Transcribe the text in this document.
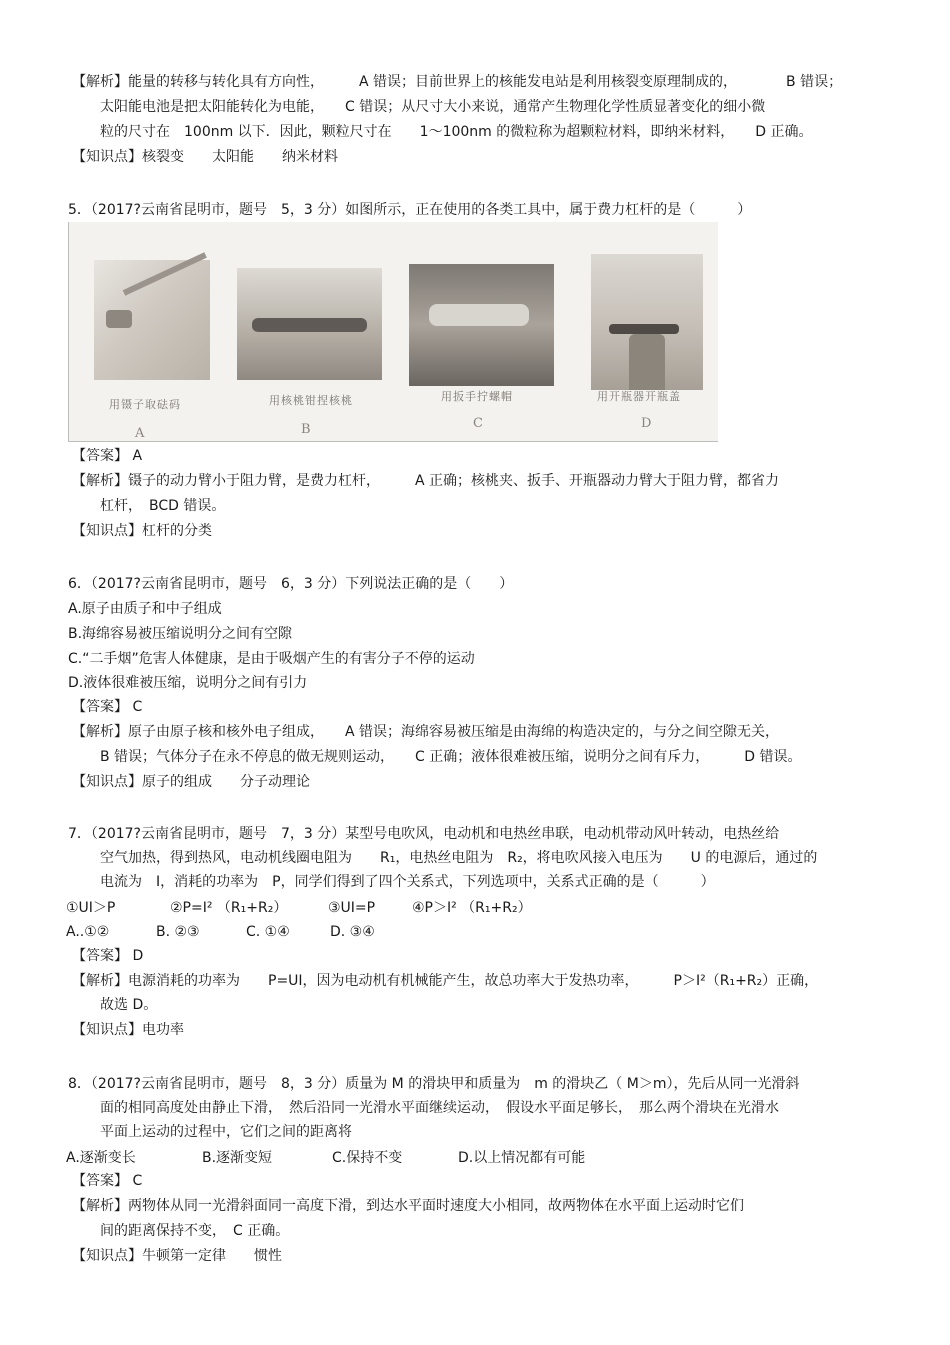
【解析】能量的转移与转化具有方向性，　　　A 错误；目前世界上的核能发电站是利用核裂变原理制成的，　　　　B 错误；
太阳能电池是把太阳能转化为电能，　　C 错误；从尺寸大小来说，通常产生物理化学性质显著变化的细小微
粒的尺寸在　100nm 以下．因此，颗粒尺寸在　　1～100nm 的微粒称为超颗粒材料，即纳米材料，　　D 正确。
【知识点】核裂变　　太阳能　　纳米材料
5．（2017?云南省昆明市，题号　5，3 分）如图所示，正在使用的各类工具中，属于费力杠杆的是（　　　）
用镊子取砝码	用核桃钳捏核桃	用扳手拧螺帽	用开瓶器开瓶盖
A	B	C	D
【答案】 A
【解析】镊子的动力臂小于阻力臂，是费力杠杆，　　　A 正确；核桃夹、扳手、开瓶器动力臂大于阻力臂，都省力
杠杆，　BCD 错误。
【知识点】杠杆的分类
6．（2017?云南省昆明市，题号　6，3 分）下列说法正确的是（　　）
A.原子由质子和中子组成
B.海绵容易被压缩说明分之间有空隙
C.“二手烟”危害人体健康，是由于吸烟产生的有害分子不停的运动
D.液体很难被压缩，说明分之间有引力
【答案】 C
【解析】原子由原子核和核外电子组成，　　A 错误；海绵容易被压缩是由海绵的构造决定的，与分之间空隙无关，
B 错误；气体分子在永不停息的做无规则运动，　　C 正确；液体很难被压缩，说明分之间有斥力，　　　D 错误。
【知识点】原子的组成　　分子动理论
7．（2017?云南省昆明市，题号　7，3 分）某型号电吹风，电动机和电热丝串联，电动机带动风叶转动，电热丝给
空气加热，得到热风，电动机线圈电阻为　　R₁，电热丝电阻为　R₂，将电吹风接入电压为　　U 的电源后，通过的
电流为　I，消耗的功率为　P，同学们得到了四个关系式，下列选项中，关系式正确的是（　　　）
①UI＞P	②P=I² （R₁+R₂）	③UI=P	④P＞I² （R₁+R₂）
A..①②	B. ②③	C. ①④	D. ③④
【答案】 D
【解析】电源消耗的功率为　　P=UI，因为电动机有机械能产生，故总功率大于发热功率，　　　P＞I²（R₁+R₂）正确，
故选 D。
【知识点】电功率
8．（2017?云南省昆明市，题号　8，3 分）质量为 M 的滑块甲和质量为　m 的滑块乙（ M＞m），先后从同一光滑斜
面的相同高度处由静止下滑，　然后沿同一光滑水平面继续运动，　假设水平面足够长，　那么两个滑块在光滑水
平面上运动的过程中，它们之间的距离将
A.逐渐变长	B.逐渐变短	C.保持不变	D.以上情况都有可能
【答案】 C
【解析】两物体从同一光滑斜面同一高度下滑，到达水平面时速度大小相同，故两物体在水平面上运动时它们
间的距离保持不变，　C 正确。
【知识点】牛顿第一定律　　惯性
